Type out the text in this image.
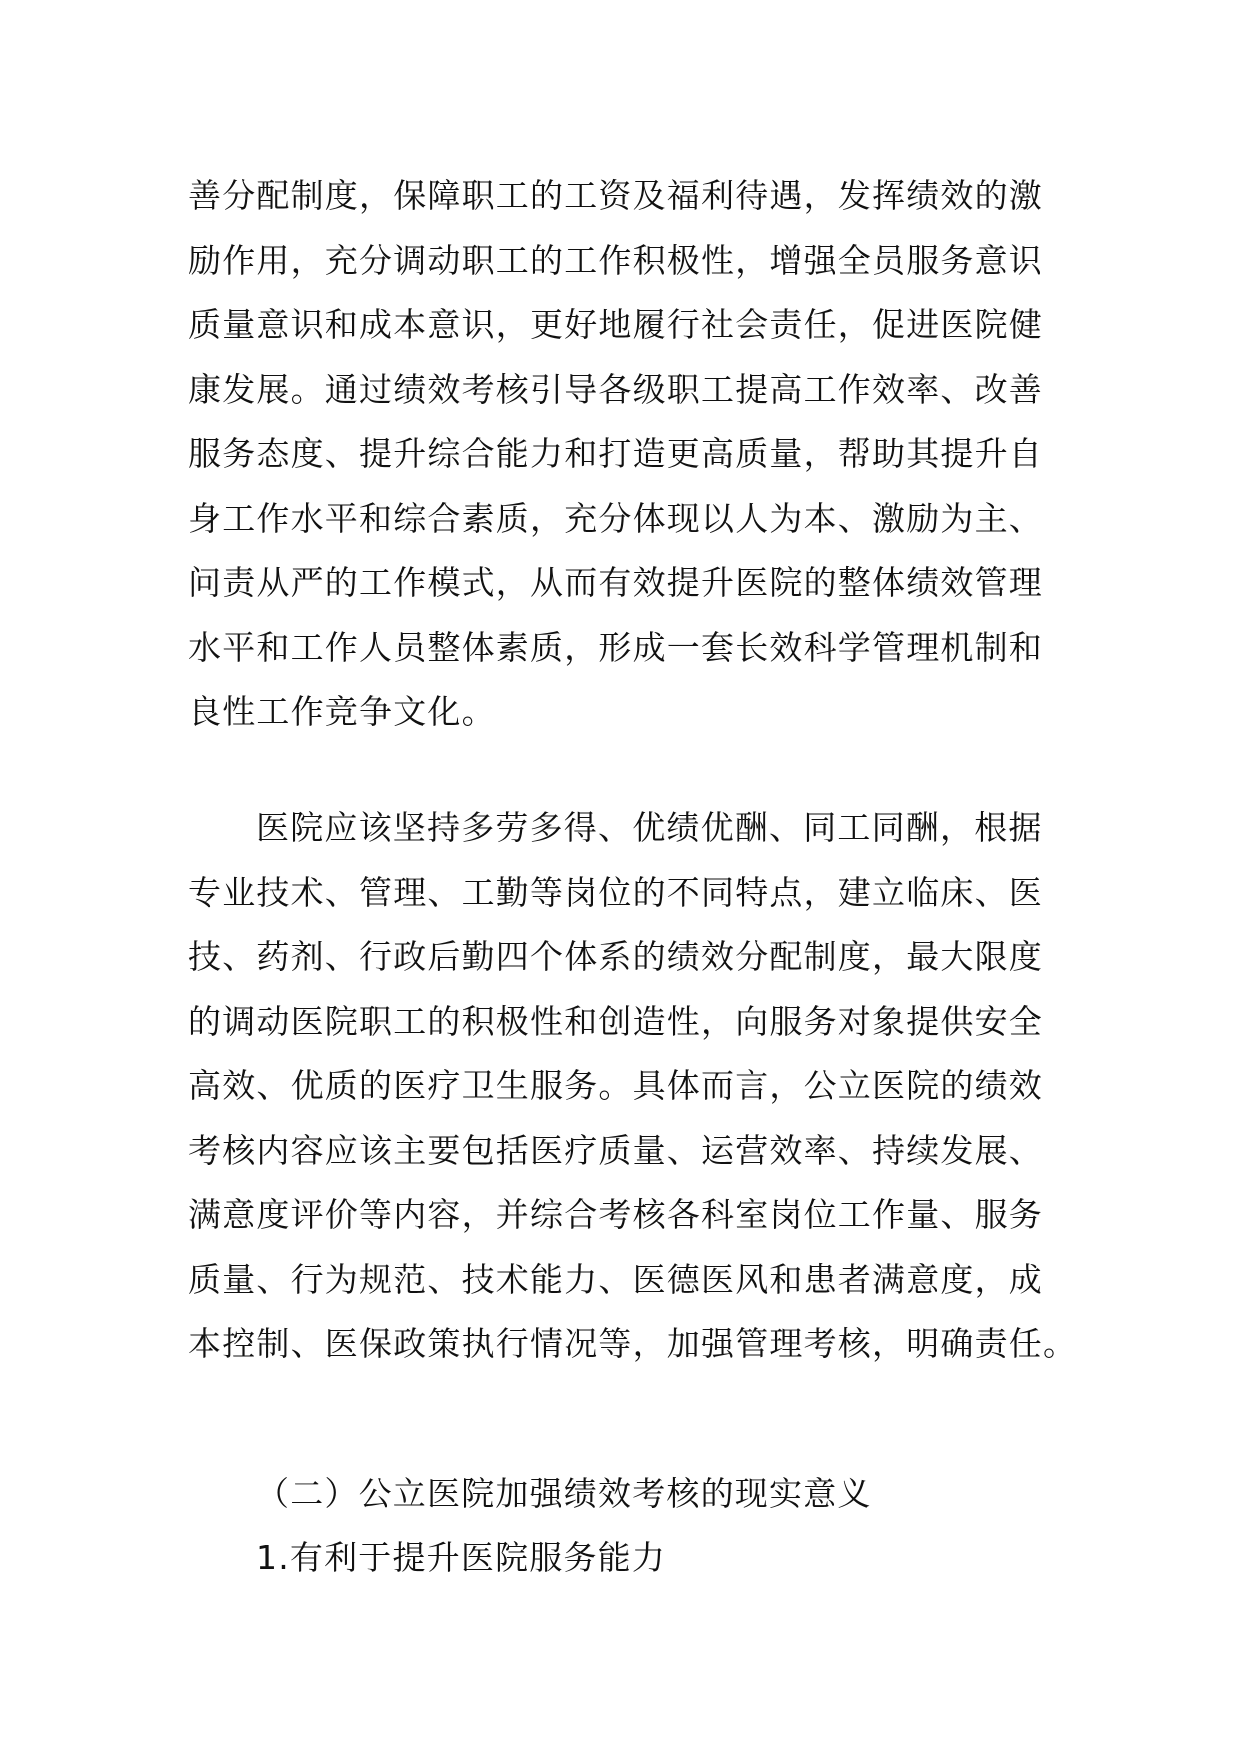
善分配制度，保障职工的工资及福利待遇，发挥绩效的激
励作用，充分调动职工的工作积极性，增强全员服务意识
质量意识和成本意识，更好地履行社会责任，促进医院健
康发展。通过绩效考核引导各级职工提高工作效率、改善
服务态度、提升综合能力和打造更高质量，帮助其提升自
身工作水平和综合素质，充分体现以人为本、激励为主、
问责从严的工作模式，从而有效提升医院的整体绩效管理
水平和工作人员整体素质，形成一套长效科学管理机制和
良性工作竞争文化。
医院应该坚持多劳多得、优绩优酬、同工同酬，根据
专业技术、管理、工勤等岗位的不同特点，建立临床、医
技、药剂、行政后勤四个体系的绩效分配制度，最大限度
的调动医院职工的积极性和创造性，向服务对象提供安全
高效、优质的医疗卫生服务。具体而言，公立医院的绩效
考核内容应该主要包括医疗质量、运营效率、持续发展、
满意度评价等内容，并综合考核各科室岗位工作量、服务
质量、行为规范、技术能力、医德医风和患者满意度，成
本控制、医保政策执行情况等，加强管理考核，明确责任。
（二）公立医院加强绩效考核的现实意义
1.有利于提升医院服务能力
